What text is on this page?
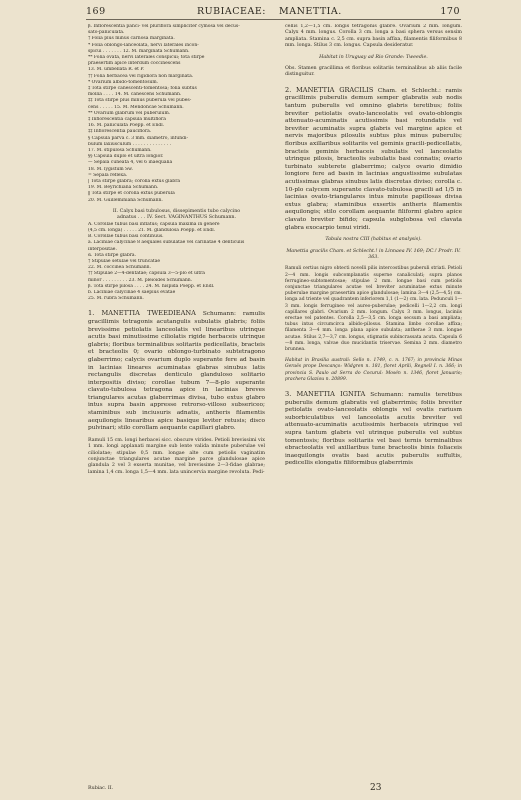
169	RUBIACEAE: MANETTIA.	170

β. Inflorescentia panci- vel pluriflora simpliciter cymosa vel decus-

satо-paniculata.

† Folia plus minus carnosa marginata.

* Folia oblongo-lanceolata, nervi laterales incon-

spicui . . . . . . . 12. M. marginata Schumann.

** Folia ovata, nervi laterales conspicui; tota stirpe

praesertim apice interdum coccinescens

13. M. umbellata R. et P.

†† Folia herbacea vel rigidiora non marginata.

* Ovarium albido-tomentosum.

‡ Tota stirpe canescenti-tomentosa; folia subtus

mollia . . . . 14. M. canescens Schumann.

‡‡ Tota stirpe plus minus puberula vel pubes-

cens . . . . . 15. M. Mendoncae Schumann.

** Ovarium glabrum vel puberulum.

‡ Inflorescentia capsula multiflora

16. M. paniculata Poepp. et Endl.

‡‡ Inflorescentia pauciflora.

§ Capsula parva c. 3 mm. diametro, infundi-

bulum laxiusculum . . . . . . . . . . . . . .

17. M. stipulosa Schumann.

§§ Capsula duplo et ultra longior.

— Sepala cuneata 4, vel 6 inaequalia

18. M. lygistum Sw.

= Sepala reflexa.

| Tota stirpe glabra; corolla extus glabra

19. M. Beyrichiana Schumann.

‖ Tota stirpe et corolla extus puberula

20. M. Guilleminiana Schumann.

II. Calyx basi tubulosus, dissepimentis tubo calycino

adnatus . . . IV. Sect. VAGINANTHUS Schumann.

A. Corollae tubus basi inflatus; capsula maxima in genere

(4,5 cm. longa) . . . . . 21. M. glandulosa Poepp. et Endl.

B. Corollae tubus basi continuus.

a. Laciniae calycinae 8 aequales subulatae vel carinatae 4 denticulis

interpositae.

α. Tota stirpe glabra.

† Stipulae setulae vel truncatae

22. M. coccinea Schumann.

†† Stipulae 2—4-dentatae; capsula 3—5-plo et ultra

minor . . . . . . . . . 23. M. pleioides Schumann.

β. Tota stirpe pilosa . . . . 24. M. hispida Poepp. et Endl.

b. Laciniae calycinae 4 saepius evatae

25. M. rubra Schumann.

1. MANETTIA TWEEDIEANA Schumann: ramulis gracillimis tetragonis acutangulis subulatis glabris; foliis brevissime petiolatis lanceolatis vel linearibus utrinque acutis basi minutissime ciliolatis rigide herbaceis utrinque glabris; floribus terminalibus solitariis pedicellatis, bracteis et bracteolis 0; ovario oblongo-turbinato subtetragono glaberrimo; calycis ovarium duplo superante fere ad basin in lacinias lineares acuminatas glabras sinubus latis rectangulis discretas denticulo glanduloso solitario interpositis diviso; corollae tubum 7—8-plo superante clavato-tubulosa tetragona apice in lacinias breves triangulares acutas glaberrimas divisa, tubo extus glabro intus supra basin appresse retrorso-villoso subsericeo; staminibus sub inciusuris adnatis, antheris filamentis aequilongis linearibus apice basique leviter retusis; disco pulvinari; stilo corollam aequante capillari glabro.

Ramuli 15 cm. longi herbacei sicc. obscure virides. Petioli brevissimi vix 1 mm. longi applanati margine sub lente valida minute puberulae vel ciliolatae; stipulae 0,5 mm. longae alte cum petiolis vaginatim conjunctae triangulares acutae margine parce glandulosae apice glandula 2 vel 3 exserta munitae, vel brevissime 2—3-fidae glabrae; lamina 1,4 cm. longa 1,5—4 mm. lata unincervia margine revoluta. Pedi-

cellis 1,2—1,5 cm. longis tetragonis glabre. Ovarium 2 mm. longum. Calyx 4 mm. longus. Corolla 3 cm. longa a basi sphera versus sensim ampliata. Stamina c. 2,5 cm. supra basin affixa, filamentis filiformibus 8 mm. longa. Stilus 3 cm. longus. Capsula desideratur.

Habitat in Uruguay ad Rio Grande: Tweedie.

Obs. Stamen gracillima et floribus solitariis terminalibus ab aliis facile distinguitur.

2. MANETTIA GRACILIS Cham. et Schlecht.: ramis gracillimis puberulis demum semper glabratis sub nodis tantum puberulis vel omnino glabris teretibus; foliis breviter petiolatis ovato-lanceolatis vel ovato-oblongis attenuato-acuminatis acutissimis basi rotundatis vel breviter acuminatis supra glabris vel margine apice et nervis majoribus pilosulis subtus plus minus puberulis; floribus axillaribus solitariis vel geminis gracili-pedicellatis, bracteis geminis herbaceis subulatis vel lanceolatis utrinque pilosis, bracteolis subulatis basi connatis; ovario turbinato subterete glaberrimo; calyce ovario dimidio longiore fere ad basin in lacinias angustissime subulatas acutissimas glabras sinubus latis discretas diviso; corolla c. 10-plo calycem superante clavato-tubulosa gracili ad 1/5 in lacinias ovato-triangulares intus minute papillosas divisa extus glabra; staminibus exsertis antheris filamentis aequilongis; stilo corollam aequante filiformi glabro apice clavato breviter bifido; capsula subglobosa vel clavata glabra exocarpio tenui viridi.

Tabula nostra CIII (habitus et analysis).

Manettia gracilis Cham. et Schlecht.! in Linnaea IV. 169; DC.! Prodr. IV. 363.

Ramuli certius nigro obtecti novelli pilis intercostibus puberuli striati. Petioli 2—4 mm. longis subcomplanatis superne canaliculati; supra planos ferrugineo-subtomentosae; stipulae 2 mm. longae basi cum petiolis conjunctae triangulares acutae vel breviter acuminatae extus minute puberulae margine praesertim apice glandulosae; lamina 3—4 (2,5—4,5) cm. longa ad triente vel quadrantem inferiorem 1,1 (1—2) cm. lata. Pedunculi 1—3 mm. longis ferrugineo vel aureo-puberulae; pedicelli 1—2,2 cm. longi capillares glabri. Ovarium 2 mm. longum. Calyx 3 mm. longus, laciniis erectae vel patentes. Corolla 2,5—3,5 cm. longa secsum a basi ampliata; tubus intus circumcirca albido-pilosus. Staminа limbo corollae affixa; filamenta 3—4 mm. longa plana apice subulata; antherae 3 mm. longae acutae. Stilus 2,7—3,7 cm. longus, stigmatis subincrassata acuta. Capsula 6—8 mm. longa, valvae duo mucidantis triservae. Semina 2 mm. diametro brunnea.

Habitat in Brasilia australi: Sello n. 1749, c. n. 1767; in provincia Minas Geraës prope Descanço: Widgren n. 181, floret Aprili, Regnell I. n. 366; in provincia S. Paulo ad Serra do Cocurul: Mosén n. 1346, floret Januario; prachera Glaziou n. 20899.

3. MANETTIA IGNITA Schumann: ramulis teretibus puberulis demum glabratis vel glaberrimis; foliis breviter petiolatis ovato-lanceolatis oblongis vel ovatis rariusm suborbiculatibus vel lanceolatis acutis breviter vel attenuato-acuminatis acutissimis herbaceis utrinque vel supra tantum glabris vel utrinque puberulis vel subtus tomentosis; floribus solitariis vel basi ternis terminalibus ebracteolatis vel axillaribus tune bracteolis binis foliaceis inaequilongis ovatis basi acutis puberulis suffultis, pedicellis elongatis filiformibus glaberrimis

Rubiac. II.	23
